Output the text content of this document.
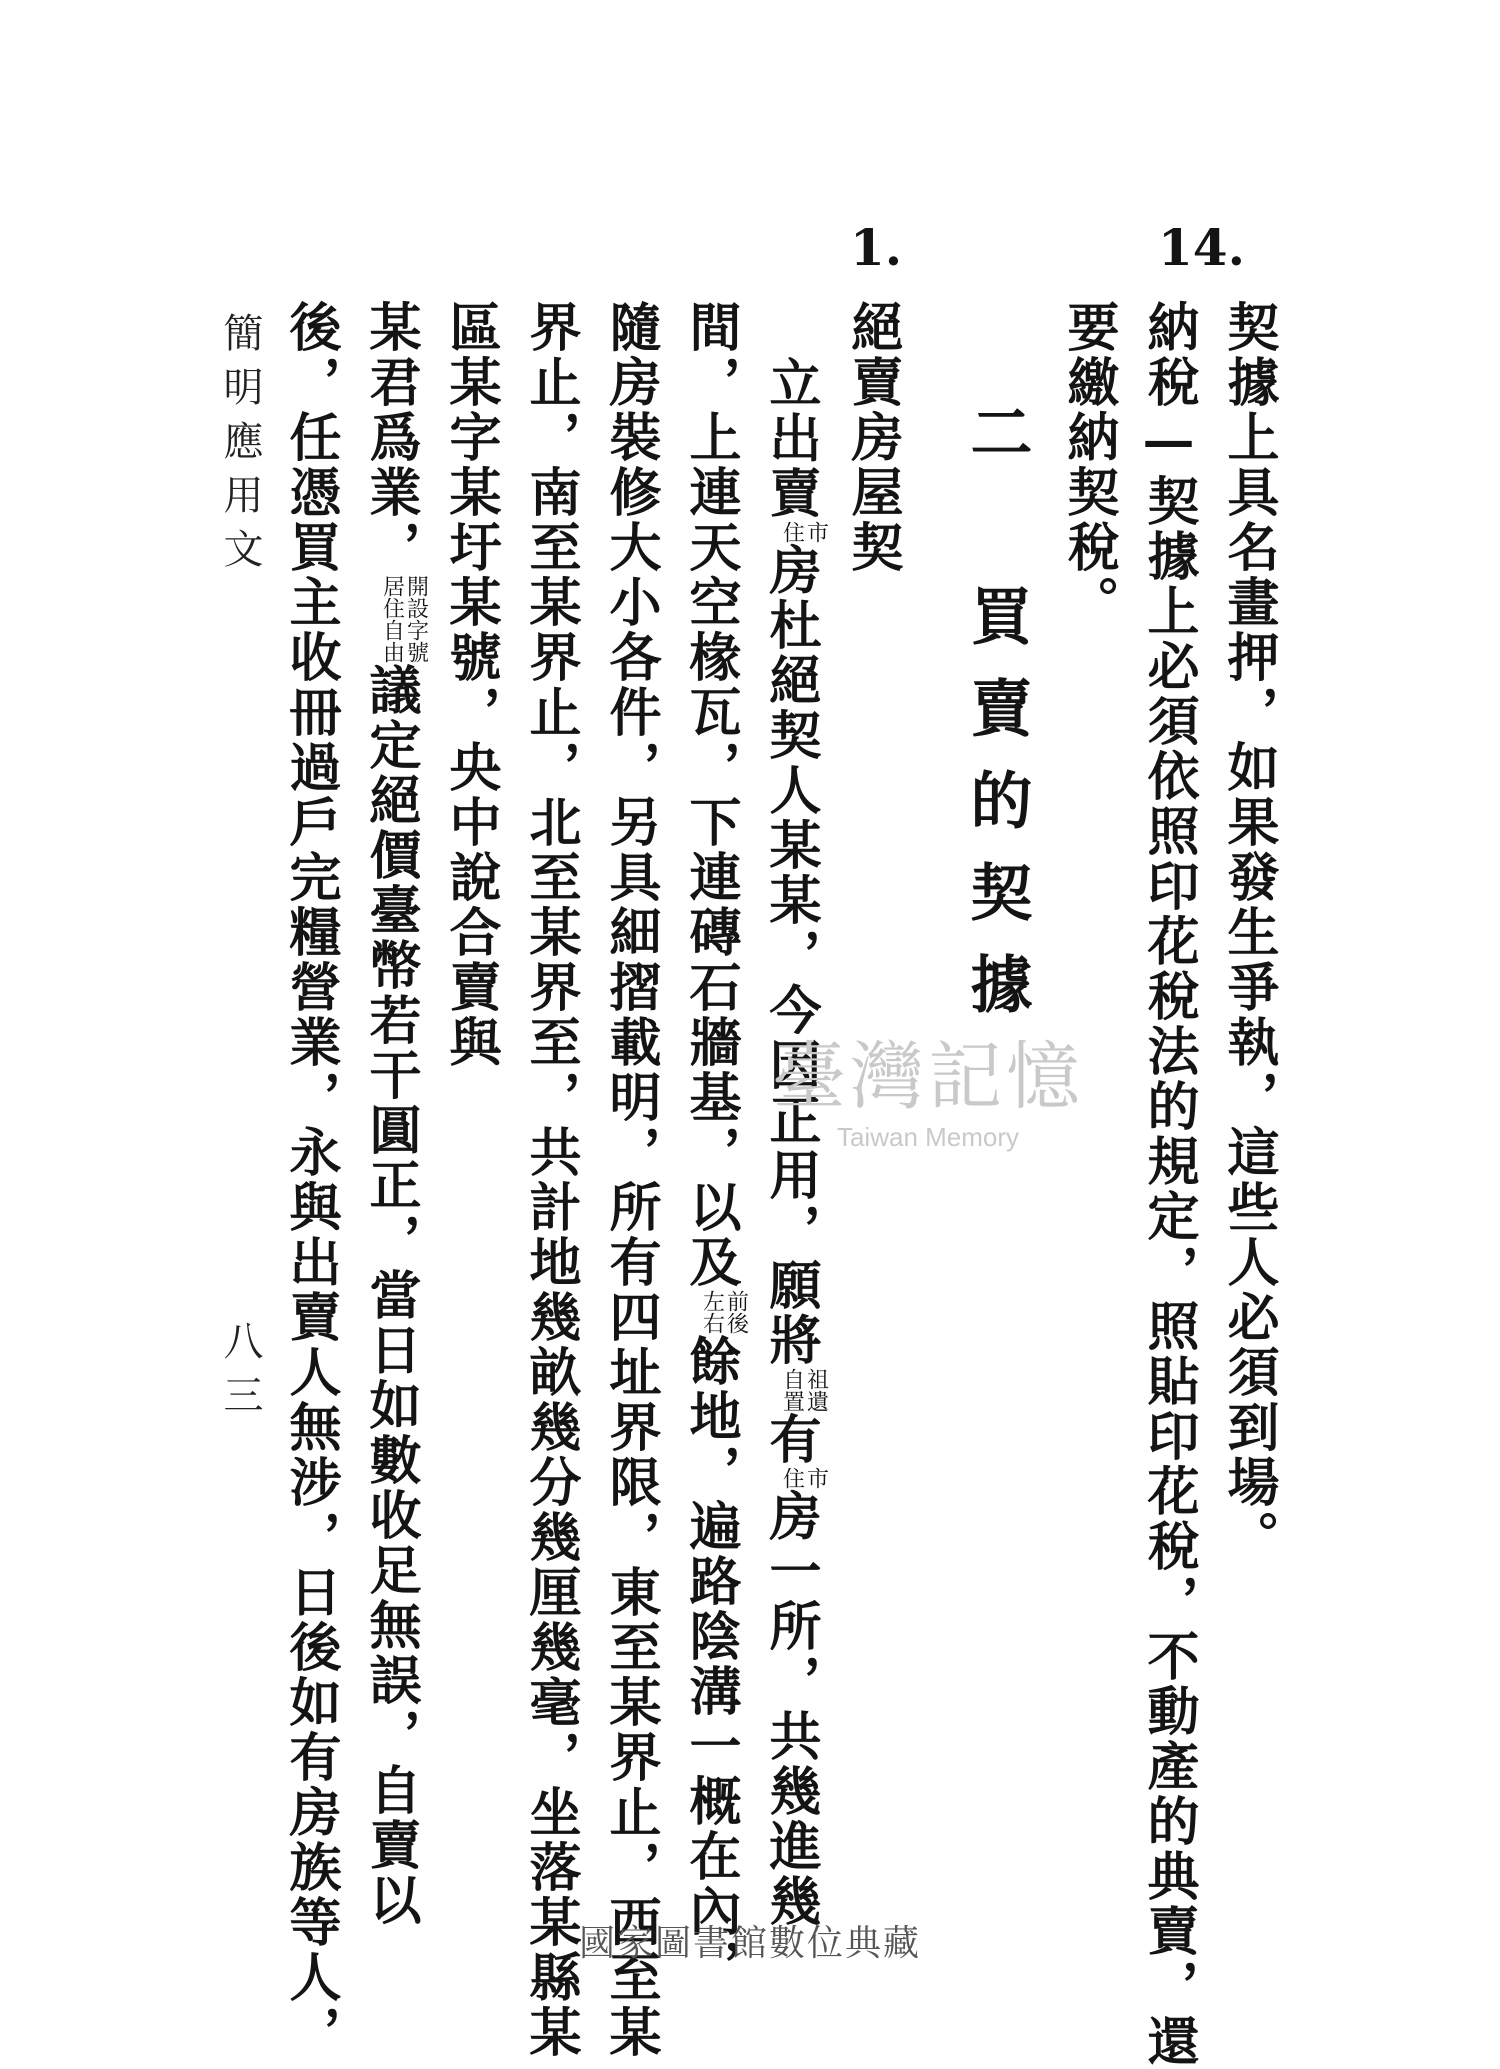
14.
契據上具名畫押，如果發生爭執，這些人必須到場。
納稅—契據上必須依照印花稅法的規定，照貼印花稅，不動產的典賣，還
要繳納契稅。
二　買賣的契據
1.
絕賣房屋契
立出賣
市
住
房杜絕契人某某，今因正用，願將
祖遺
自置
有
市
住
房一所，共幾進幾
間，上連天空椽瓦，下連磚石牆基，以及
前後
左右
餘地，遍路陰溝一概在內，
隨房裝修大小各件，另具細摺載明，所有四址界限，東至某界止，西至某
界止，南至某界止，北至某界至，共計地幾畝幾分幾厘幾毫，坐落某縣某
區某字某圩某號，央中說合賣與
某君爲業，
開設字號
居住自由
議定絕價臺幣若干圓正，當日如數收足無誤，自賣以
後，任憑買主收冊過戶完糧營業，永與出賣人無涉，日後如有房族等人，
簡明應用文
八三
臺灣記憶
Taiwan Memory
國家圖書館數位典藏
